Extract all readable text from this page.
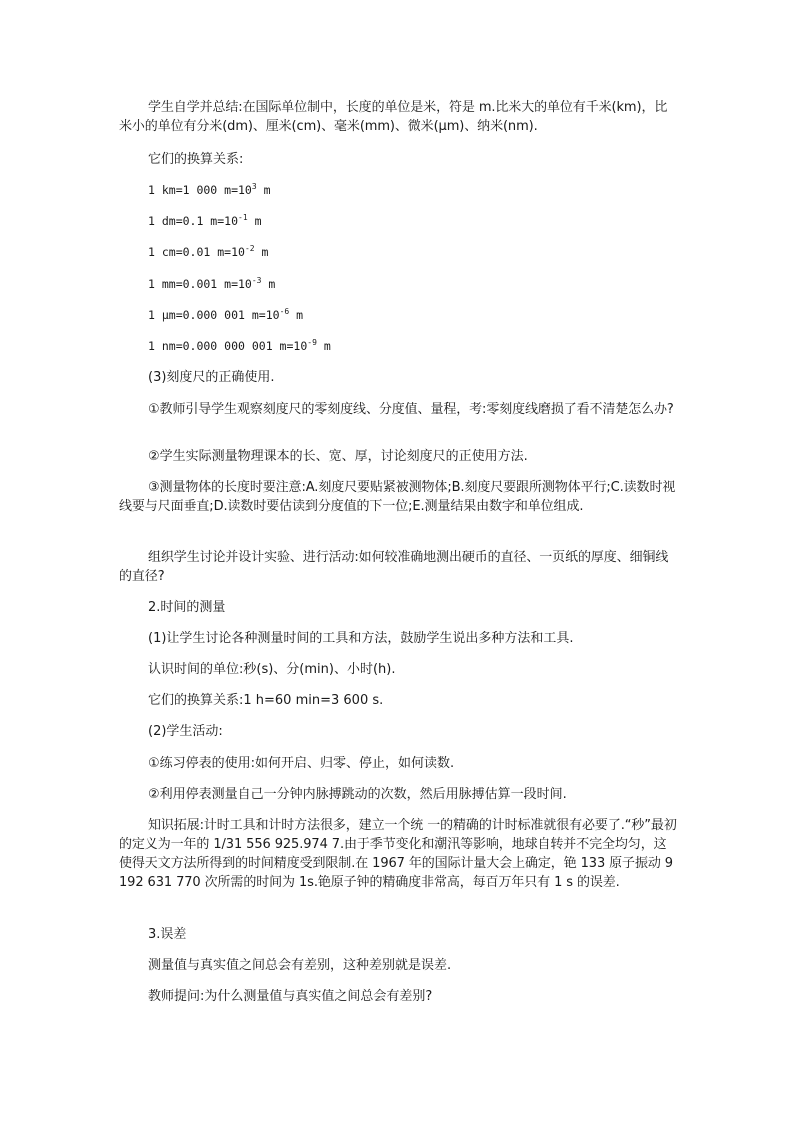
学生自学并总结:在国际单位制中，长度的单位是米，符是 m.比米大的单位有千米(km)，比米小的单位有分米(dm)、厘米(cm)、毫米(mm)、微米(μm)、纳米(nm).

它们的换算关系:

1 km=1 000 $m=10^3$ m

1 dm=0.1 $m=10^{-1}$ m

1 cm=0.01 $m=10^{-2}$ m

1 mm=0.001 $m=10^{-3}$ m

1 μm=0.000 001 $m=10^{-6}$ m

1 nm=0.000 000 001 $m=10^{-9}$ m

(3)刻度尺的正确使用.

①教师引导学生观察刻度尺的零刻度线、分度值、量程，考:零刻度线磨损了看不清楚怎么办?

②学生实际测量物理课本的长、宽、厚，讨论刻度尺的正使用方法.

③测量物体的长度时要注意:A.刻度尺要贴紧被测物体;B.刻度尺要跟所测物体平行;C.读数时视线要与尺面垂直;D.读数时要估读到分度值的下一位;E.测量结果由数字和单位组成.

组织学生讨论并设计实验、进行活动:如何较准确地测出硬币的直径、一页纸的厚度、细铜线的直径?

2.时间的测量

(1)让学生讨论各种测量时间的工具和方法，鼓励学生说出多种方法和工具.

认识时间的单位:秒(s)、分(min)、小时(h).

它们的换算关系:1 h=60 min=3 600 s.

(2)学生活动:

①练习停表的使用:如何开启、归零、停止，如何读数.

②利用停表测量自己一分钟内脉搏跳动的次数，然后用脉搏估算一段时间.

知识拓展:计时工具和计时方法很多，建立一个统 一的精确的计时标准就很有必要了.“秒”最初的定义为一年的 1/31 556 925.974 7.由于季节变化和潮汛等影响，地球自转并不完全均匀，这使得天文方法所得到的时间精度受到限制.在 1967 年的国际计量大会上确定，铯 133 原子振动 9 192 631 770 次所需的时间为 1s.铯原子钟的精确度非常高，每百万年只有 1 s 的误差.

3.误差

测量值与真实值之间总会有差别，这种差别就是误差.

教师提问:为什么测量值与真实值之间总会有差别?
